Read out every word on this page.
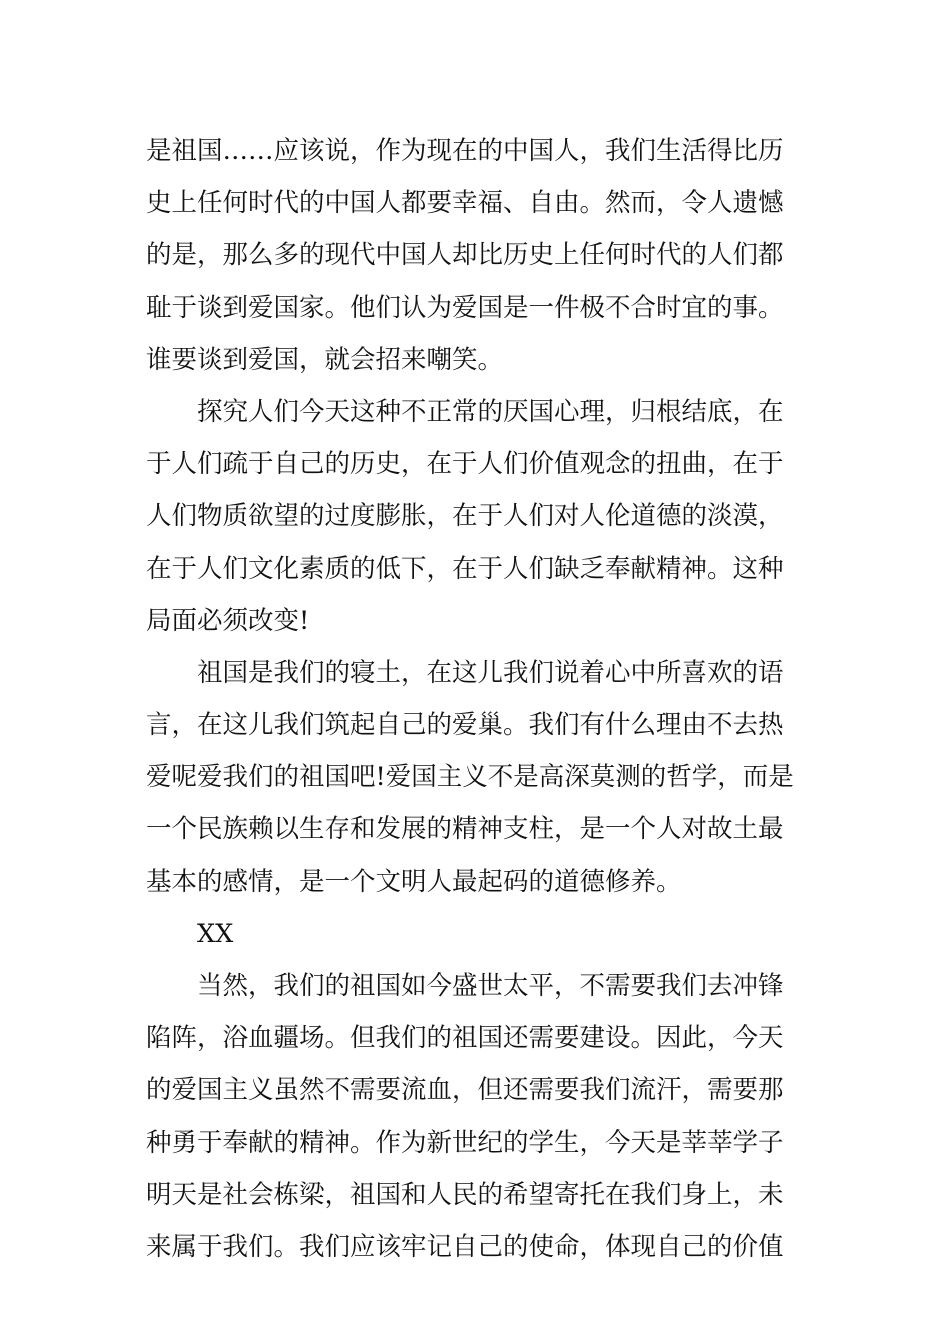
是祖国……应该说，作为现在的中国人，我们生活得比历
史上任何时代的中国人都要幸福、自由。然而，令人遗憾
的是，那么多的现代中国人却比历史上任何时代的人们都
耻于谈到爱国家。他们认为爱国是一件极不合时宜的事。
谁要谈到爱国，就会招来嘲笑。
探究人们今天这种不正常的厌国心理，归根结底，在
于人们疏于自己的历史，在于人们价值观念的扭曲，在于
人们物质欲望的过度膨胀，在于人们对人伦道德的淡漠，
在于人们文化素质的低下，在于人们缺乏奉献精神。这种
局面必须改变!
祖国是我们的寝土，在这儿我们说着心中所喜欢的语
言，在这儿我们筑起自己的爱巢。我们有什么理由不去热
爱呢爱我们的祖国吧!爱国主义不是高深莫测的哲学，而是
一个民族赖以生存和发展的精神支柱，是一个人对故土最
基本的感情，是一个文明人最起码的道德修养。
XX
当然，我们的祖国如今盛世太平，不需要我们去冲锋
陷阵，浴血疆场。但我们的祖国还需要建设。因此，今天
的爱国主义虽然不需要流血，但还需要我们流汗，需要那
种勇于奉献的精神。作为新世纪的学生，今天是莘莘学子
明天是社会栋梁，祖国和人民的希望寄托在我们身上，未
来属于我们。我们应该牢记自己的使命，体现自己的价值
